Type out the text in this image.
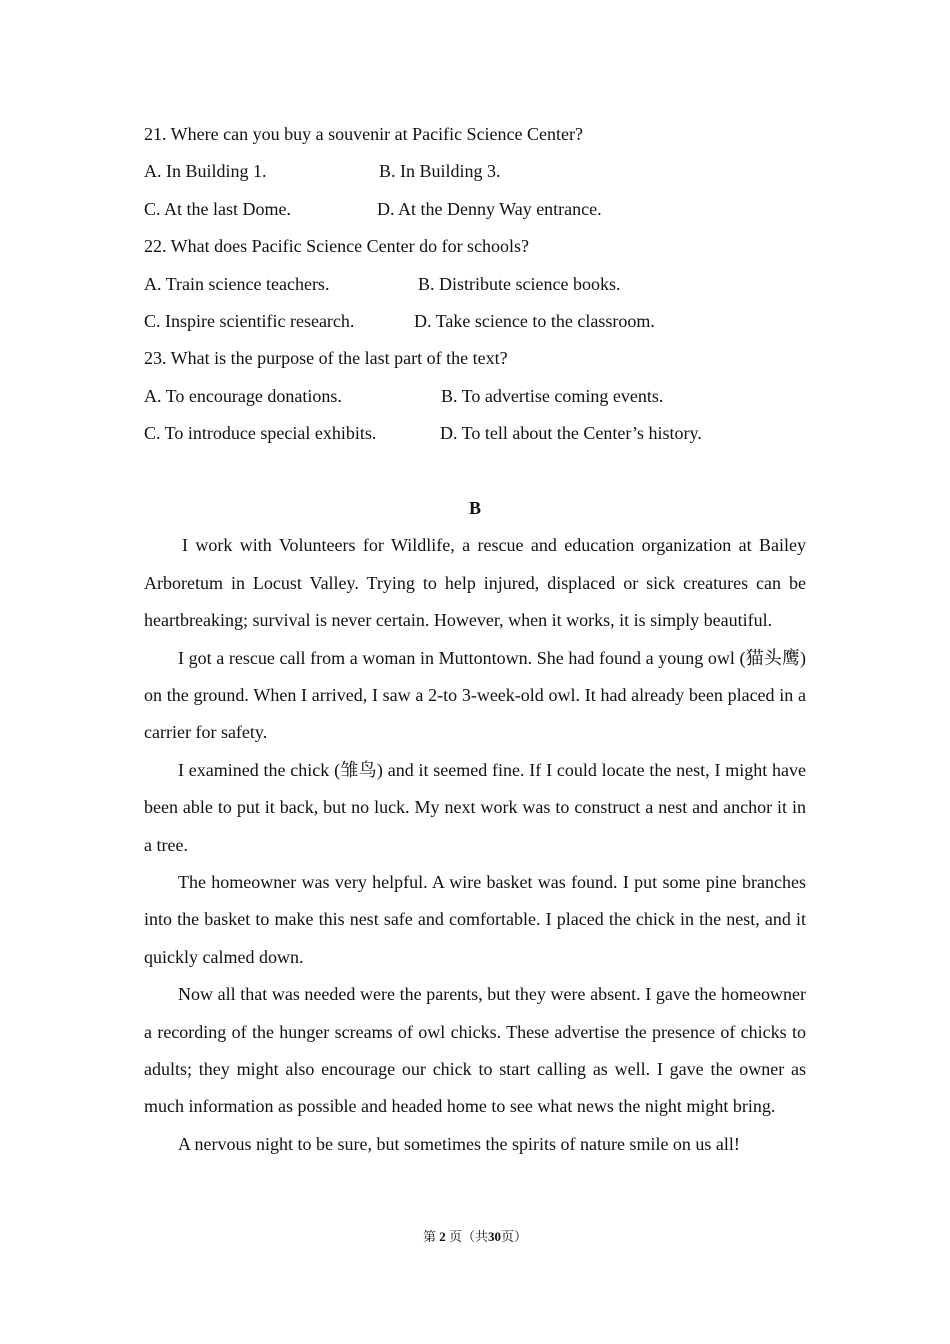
21. Where can you buy a souvenir at Pacific Science Center?
A. In Building 1.	B. In Building 3.
C. At the last Dome.	D. At the Denny Way entrance.
22. What does Pacific Science Center do for schools?
A. Train science teachers.	B. Distribute science books.
C. Inspire scientific research.	D. Take science to the classroom.
23. What is the purpose of the last part of the text?
A. To encourage donations.	B. To advertise coming events.
C. To introduce special exhibits.	D. To tell about the Center’s history.
B

I work with Volunteers for Wildlife, a rescue and education organization at Bailey Arboretum in Locust Valley. Trying to help injured, displaced or sick creatures can be heartbreaking; survival is never certain. However, when it works, it is simply beautiful.

I got a rescue call from a woman in Muttontown. She had found a young owl (猫头鹰) on the ground. When I arrived, I saw a 2-to 3-week-old owl. It had already been placed in a carrier for safety.

I examined the chick (雏鸟) and it seemed fine. If I could locate the nest, I might have been able to put it back, but no luck. My next work was to construct a nest and anchor it in a tree.

The homeowner was very helpful. A wire basket was found. I put some pine branches into the basket to make this nest safe and comfortable. I placed the chick in the nest, and it quickly calmed down.

Now all that was needed were the parents, but they were absent. I gave the homeowner a recording of the hunger screams of owl chicks. These advertise the presence of chicks to adults; they might also encourage our chick to start calling as well. I gave the owner as much information as possible and headed home to see what news the night might bring.

A nervous night to be sure, but sometimes the spirits of nature smile on us all!

第 2 页（共30页）
